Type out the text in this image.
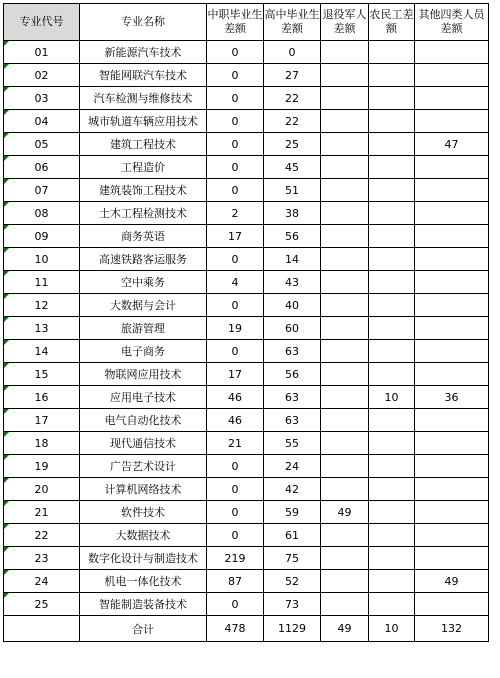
专业代号	专业名称	中职毕业生差额	高中毕业生差额	退役军人差额	农民工差额	其他四类人员差额
01	新能源汽车技术	0	0			
02	智能网联汽车技术	0	27			
03	汽车检测与维修技术	0	22			
04	城市轨道车辆应用技术	0	22			
05	建筑工程技术	0	25			47
06	工程造价	0	45			
07	建筑装饰工程技术	0	51			
08	土木工程检测技术	2	38			
09	商务英语	17	56			
10	高速铁路客运服务	0	14			
11	空中乘务	4	43			
12	大数据与会计	0	40			
13	旅游管理	19	60			
14	电子商务	0	63			
15	物联网应用技术	17	56			
16	应用电子技术	46	63		10	36
17	电气自动化技术	46	63			
18	现代通信技术	21	55			
19	广告艺术设计	0	24			
20	计算机网络技术	0	42			
21	软件技术	0	59	49		
22	大数据技术	0	61			
23	数字化设计与制造技术	219	75			
24	机电一体化技术	87	52			49
25	智能制造装备技术	0	73			
	合计	478	1129	49	10	132
